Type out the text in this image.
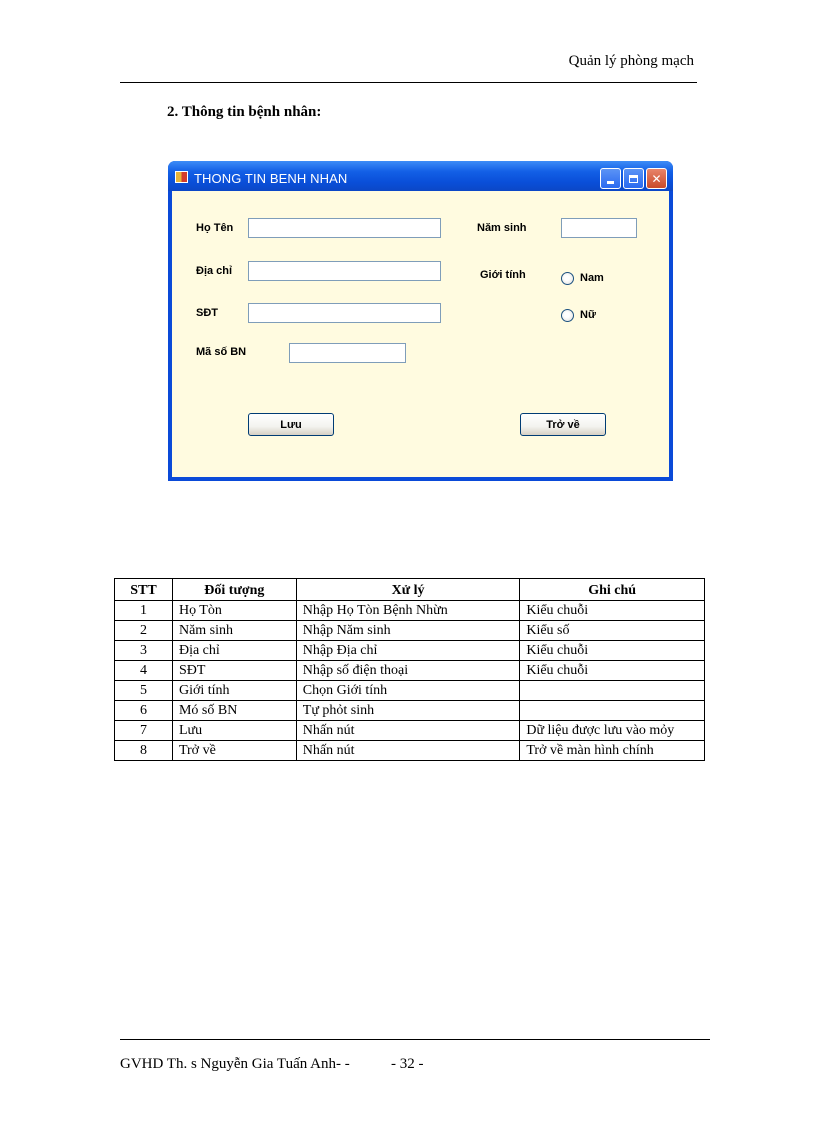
Quản lý phòng mạch
2. Thông tin bệnh nhân:
THONG TIN BENH NHAN	✕
Họ Tên
Địa chỉ
SĐT
Mã số BN
Năm sinh
Giới tính	Nam
Nữ
Lưu	Trở về
STT	Đối tượng	Xử lý	Ghi chú
1	Họ Tòn	Nhập Họ Tòn Bệnh Nhừn	Kiểu chuỗi
2	Năm sinh	Nhập Năm sinh	Kiểu số
3	Địa chỉ	Nhập Địa chỉ	Kiểu chuỗi
4	SĐT	Nhập số điện thoại	Kiểu chuỗi
5	Giới tính	Chọn Giới tính	
6	Mó số BN	Tự phỏt sinh	
7	Lưu	Nhấn nút	Dữ liệu được lưu vào mỏy
8	Trở về	Nhấn nút	Trở về màn hình chính
GVHD Th. s Nguyễn Gia Tuấn Anh- -	- 32 -
